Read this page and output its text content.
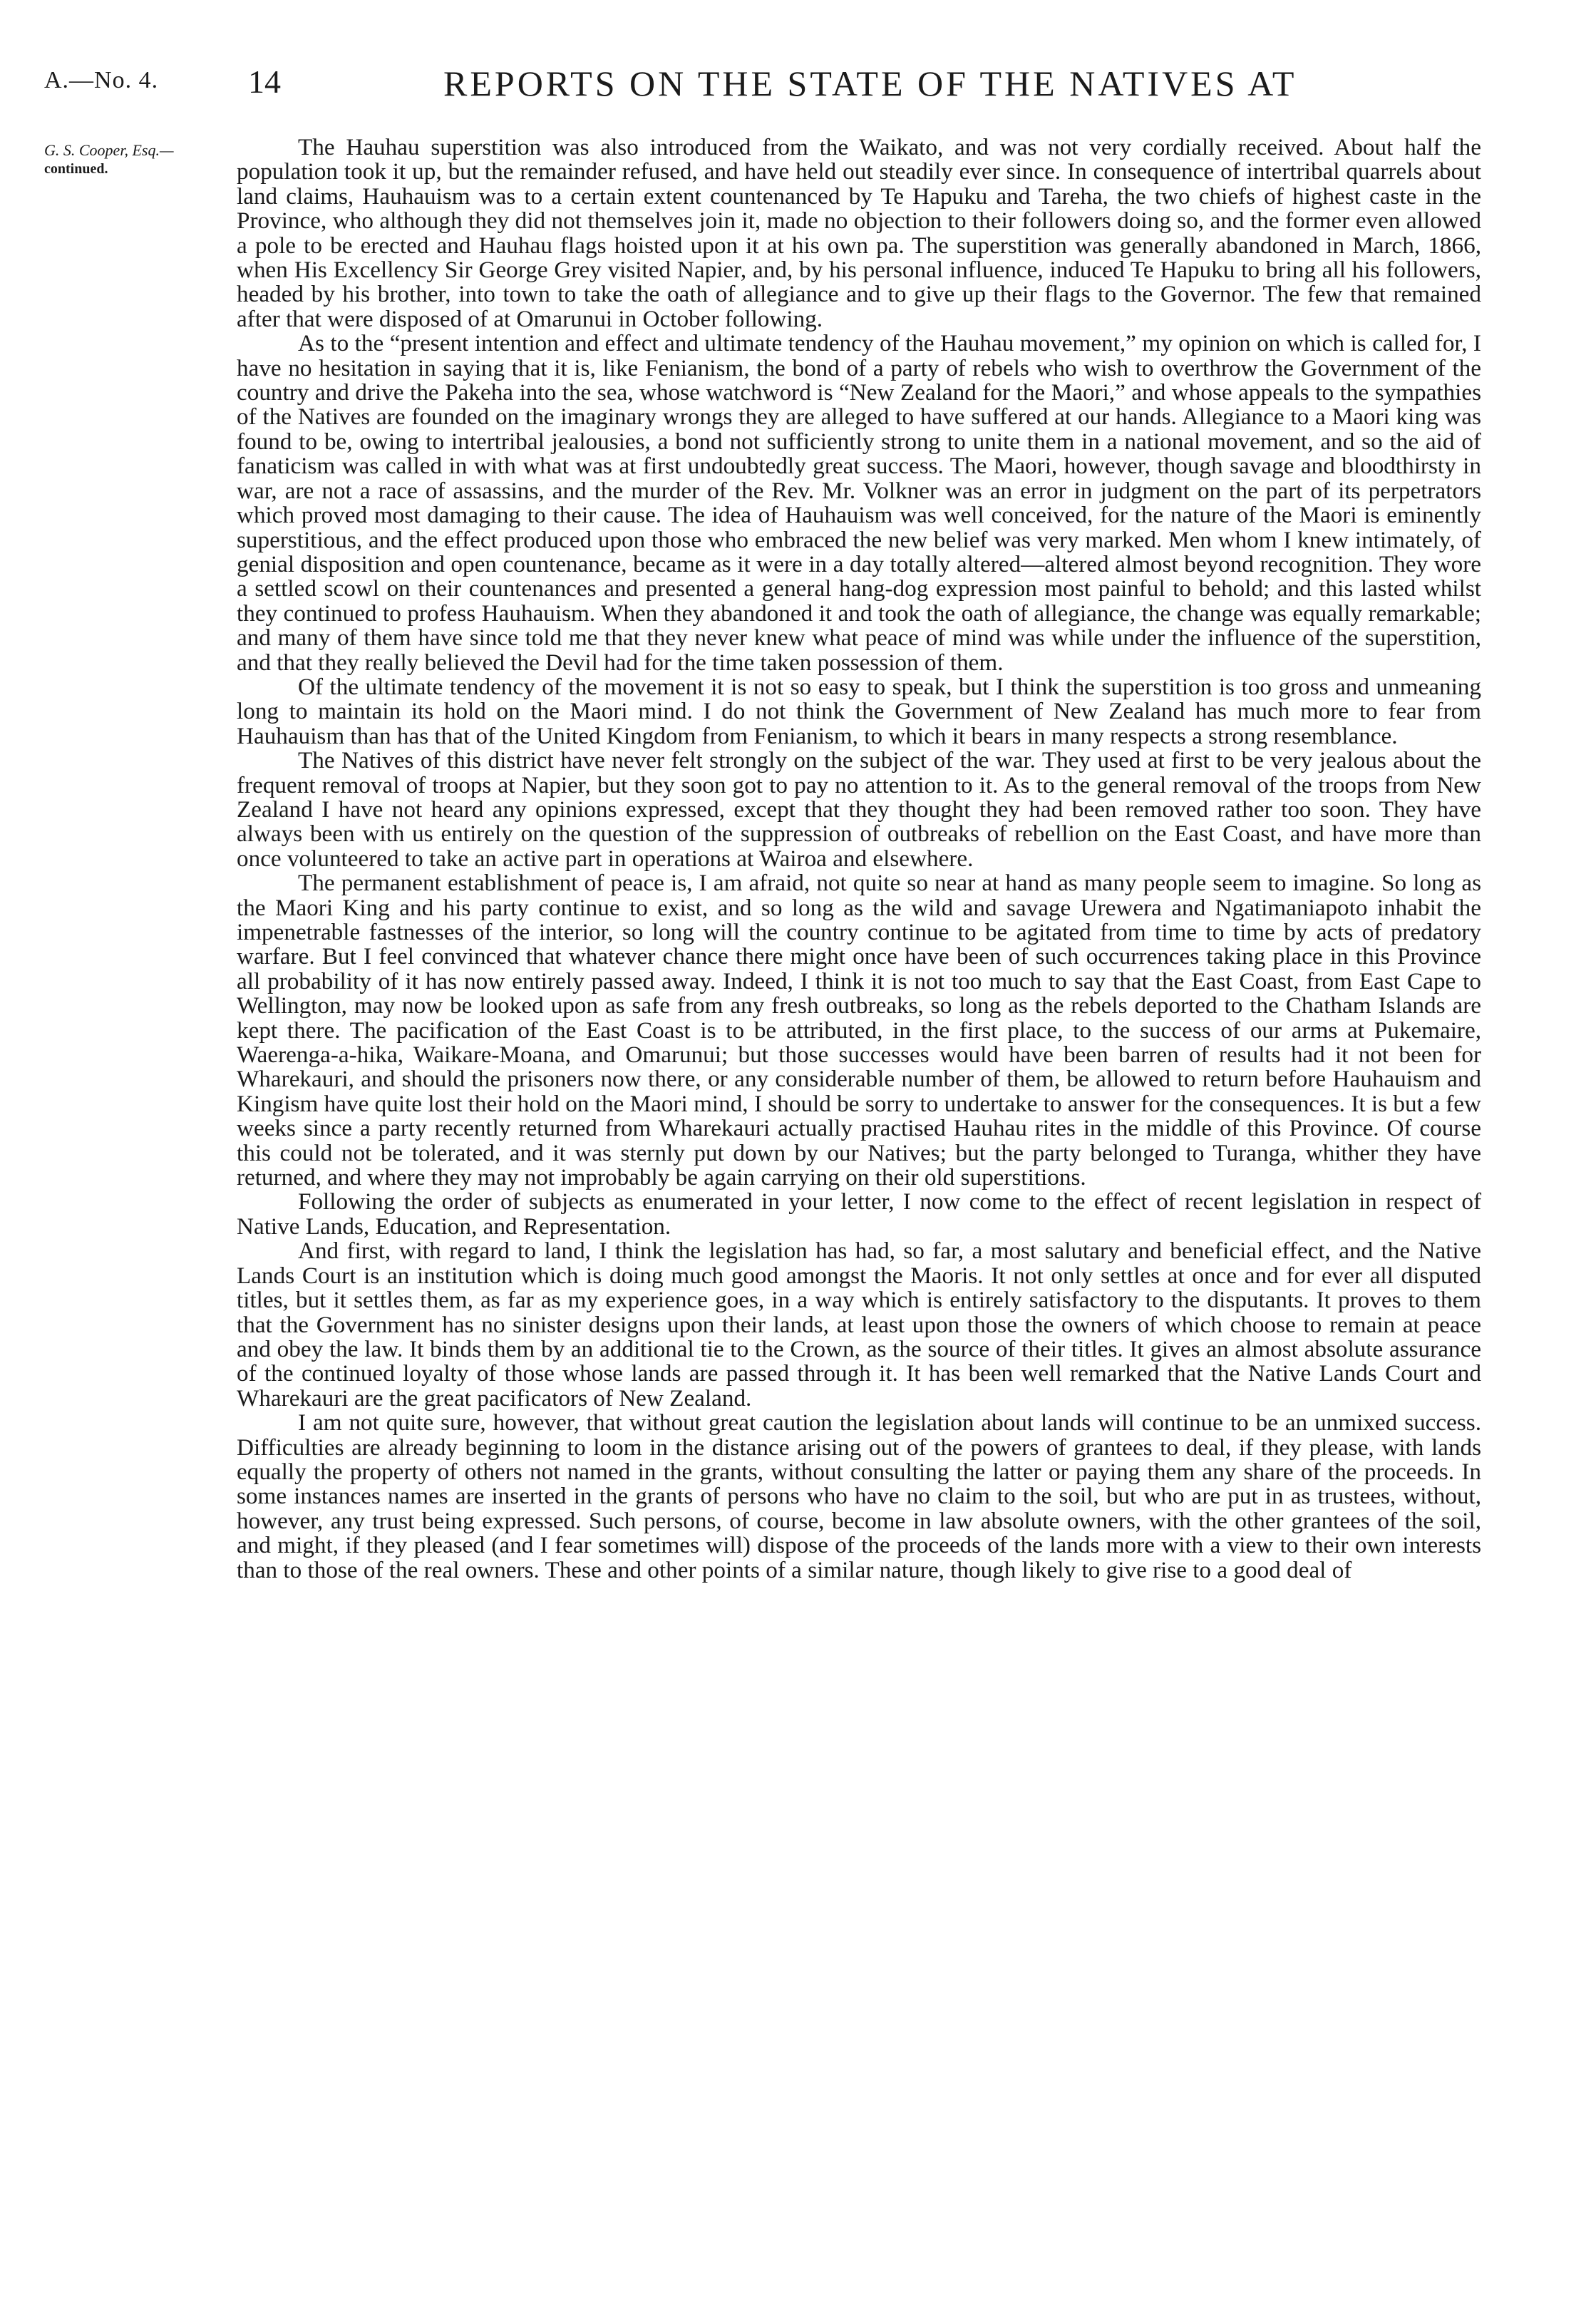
A.—No. 4.	14	REPORTS ON THE STATE OF THE NATIVES AT
G. S. Cooper, Esq.—
continued.

The Hauhau superstition was also introduced from the Waikato, and was not very cordially received. About half the population took it up, but the remainder refused, and have held out steadily ever since. In consequence of intertribal quarrels about land claims, Hauhauism was to a certain extent countenanced by Te Hapuku and Tareha, the two chiefs of highest caste in the Province, who although they did not themselves join it, made no objection to their followers doing so, and the former even allowed a pole to be erected and Hauhau flags hoisted upon it at his own pa. The superstition was generally abandoned in March, 1866, when His Excellency Sir George Grey visited Napier, and, by his personal influence, induced Te Hapuku to bring all his followers, headed by his brother, into town to take the oath of allegiance and to give up their flags to the Governor. The few that remained after that were disposed of at Omarunui in October following.

As to the “present intention and effect and ultimate tendency of the Hauhau movement,” my opinion on which is called for, I have no hesitation in saying that it is, like Fenianism, the bond of a party of rebels who wish to overthrow the Government of the country and drive the Pakeha into the sea, whose watchword is “New Zealand for the Maori,” and whose appeals to the sympathies of the Natives are founded on the imaginary wrongs they are alleged to have suffered at our hands. Allegiance to a Maori king was found to be, owing to intertribal jealousies, a bond not sufficiently strong to unite them in a national movement, and so the aid of fanaticism was called in with what was at first undoubtedly great success. The Maori, however, though savage and bloodthirsty in war, are not a race of assassins, and the murder of the Rev. Mr. Volkner was an error in judgment on the part of its perpetrators which proved most damaging to their cause. The idea of Hauhauism was well conceived, for the nature of the Maori is eminently superstitious, and the effect produced upon those who embraced the new belief was very marked. Men whom I knew intimately, of genial disposition and open countenance, became as it were in a day totally altered—altered almost beyond recognition. They wore a settled scowl on their countenances and presented a general hang-dog expression most painful to behold; and this lasted whilst they continued to profess Hauhauism. When they abandoned it and took the oath of allegiance, the change was equally remarkable; and many of them have since told me that they never knew what peace of mind was while under the influence of the superstition, and that they really believed the Devil had for the time taken possession of them.

Of the ultimate tendency of the movement it is not so easy to speak, but I think the superstition is too gross and unmeaning long to maintain its hold on the Maori mind. I do not think the Government of New Zealand has much more to fear from Hauhauism than has that of the United Kingdom from Fenianism, to which it bears in many respects a strong resemblance.

The Natives of this district have never felt strongly on the subject of the war. They used at first to be very jealous about the frequent removal of troops at Napier, but they soon got to pay no attention to it. As to the general removal of the troops from New Zealand I have not heard any opinions expressed, except that they thought they had been removed rather too soon. They have always been with us entirely on the question of the suppression of outbreaks of rebellion on the East Coast, and have more than once volunteered to take an active part in operations at Wairoa and elsewhere.

The permanent establishment of peace is, I am afraid, not quite so near at hand as many people seem to imagine. So long as the Maori King and his party continue to exist, and so long as the wild and savage Urewera and Ngatimaniapoto inhabit the impenetrable fastnesses of the interior, so long will the country continue to be agitated from time to time by acts of predatory warfare. But I feel convinced that whatever chance there might once have been of such occurrences taking place in this Province all probability of it has now entirely passed away. Indeed, I think it is not too much to say that the East Coast, from East Cape to Wellington, may now be looked upon as safe from any fresh outbreaks, so long as the rebels deported to the Chatham Islands are kept there. The pacification of the East Coast is to be attributed, in the first place, to the success of our arms at Pukemaire, Waerenga-a-hika, Waikare-Moana, and Omarunui; but those successes would have been barren of results had it not been for Wharekauri, and should the prisoners now there, or any considerable number of them, be allowed to return before Hauhauism and Kingism have quite lost their hold on the Maori mind, I should be sorry to undertake to answer for the consequences. It is but a few weeks since a party recently returned from Wharekauri actually practised Hauhau rites in the middle of this Province. Of course this could not be tolerated, and it was sternly put down by our Natives; but the party belonged to Turanga, whither they have returned, and where they may not improbably be again carrying on their old superstitions.

Following the order of subjects as enumerated in your letter, I now come to the effect of recent legislation in respect of Native Lands, Education, and Representation.

And first, with regard to land, I think the legislation has had, so far, a most salutary and beneficial effect, and the Native Lands Court is an institution which is doing much good amongst the Maoris. It not only settles at once and for ever all disputed titles, but it settles them, as far as my experience goes, in a way which is entirely satisfactory to the disputants. It proves to them that the Government has no sinister designs upon their lands, at least upon those the owners of which choose to remain at peace and obey the law. It binds them by an additional tie to the Crown, as the source of their titles. It gives an almost absolute assurance of the continued loyalty of those whose lands are passed through it. It has been well remarked that the Native Lands Court and Wharekauri are the great pacificators of New Zealand.

I am not quite sure, however, that without great caution the legislation about lands will continue to be an unmixed success. Difficulties are already beginning to loom in the distance arising out of the powers of grantees to deal, if they please, with lands equally the property of others not named in the grants, without consulting the latter or paying them any share of the proceeds. In some instances names are inserted in the grants of persons who have no claim to the soil, but who are put in as trustees, without, however, any trust being expressed. Such persons, of course, become in law absolute owners, with the other grantees of the soil, and might, if they pleased (and I fear sometimes will) dispose of the proceeds of the lands more with a view to their own interests than to those of the real owners. These and other points of a similar nature, though likely to give rise to a good deal of
